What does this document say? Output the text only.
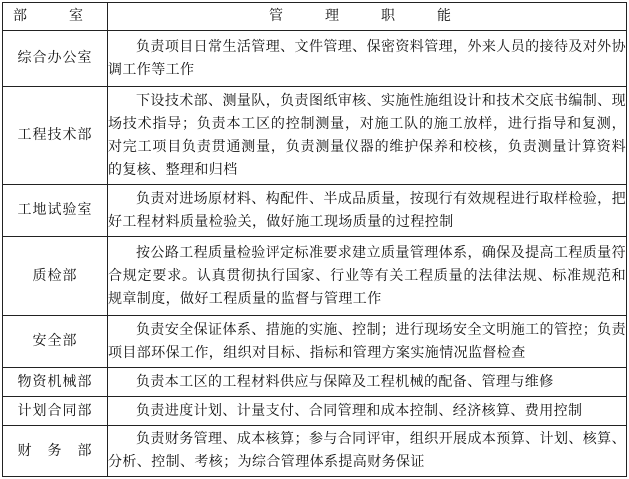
部　室	管　理　职　能
综合办公室	负责项目日常生活管理、文件管理、保密资料管理，外来人员的接待及对外协调工作等工作

工程技术部	下设技术部、测量队，负责图纸审核、实施性施组设计和技术交底书编制、现场技术指导；负责本工区的控制测量，对施工队的施工放样，进行指导和复测，对完工项目负责贯通测量，负责测量仪器的维护保养和校核，负责测量计算资料的复核、整理和归档

工地试验室	负责对进场原材料、构配件、半成品质量，按现行有效规程进行取样检验，把好工程材料质量检验关，做好施工现场质量的过程控制

质检部	按公路工程质量检验评定标准要求建立质量管理体系，确保及提高工程质量符合规定要求。认真贯彻执行国家、行业等有关工程质量的法律法规、标准规范和规章制度，做好工程质量的监督与管理工作

安全部	负责安全保证体系、措施的实施、控制；进行现场安全文明施工的管控；负责项目部环保工作，组织对目标、指标和管理方案实施情况监督检查

物资机械部	负责本工区的工程材料供应与保障及工程机械的配备、管理与维修

计划合同部	负责进度计划、计量支付、合同管理和成本控制、经济核算、费用控制

财　务　部	负责财务管理、成本核算；参与合同评审，组织开展成本预算、计划、核算、分析、控制、考核；为综合管理体系提高财务保证
